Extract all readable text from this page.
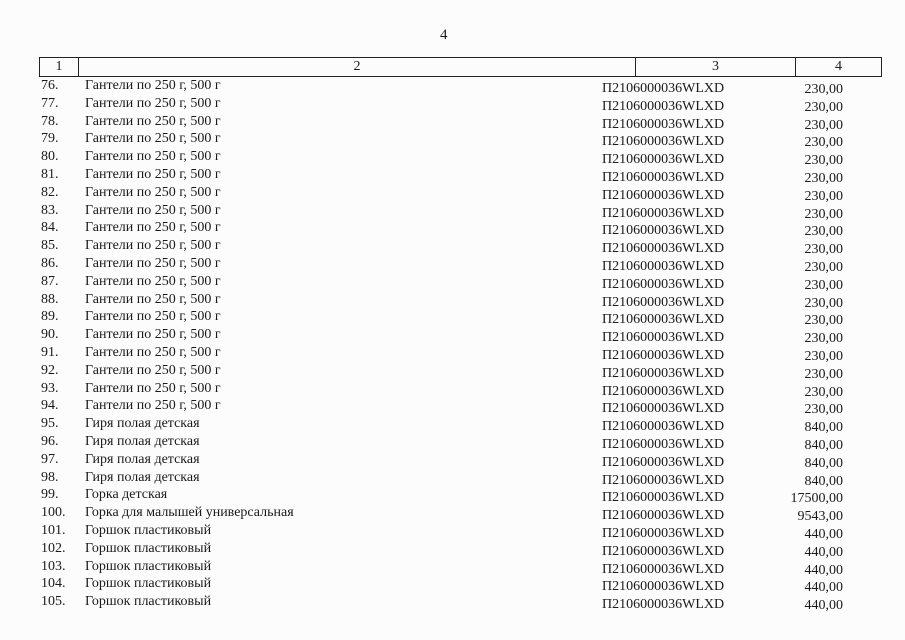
4
1	2	3	4
76.	Гантели по 250 г, 500 г	П2106000036WLXD	230,00
77.	Гантели по 250 г, 500 г	П2106000036WLXD	230,00
78.	Гантели по 250 г, 500 г	П2106000036WLXD	230,00
79.	Гантели по 250 г, 500 г	П2106000036WLXD	230,00
80.	Гантели по 250 г, 500 г	П2106000036WLXD	230,00
81.	Гантели по 250 г, 500 г	П2106000036WLXD	230,00
82.	Гантели по 250 г, 500 г	П2106000036WLXD	230,00
83.	Гантели по 250 г, 500 г	П2106000036WLXD	230,00
84.	Гантели по 250 г, 500 г	П2106000036WLXD	230,00
85.	Гантели по 250 г, 500 г	П2106000036WLXD	230,00
86.	Гантели по 250 г, 500 г	П2106000036WLXD	230,00
87.	Гантели по 250 г, 500 г	П2106000036WLXD	230,00
88.	Гантели по 250 г, 500 г	П2106000036WLXD	230,00
89.	Гантели по 250 г, 500 г	П2106000036WLXD	230,00
90.	Гантели по 250 г, 500 г	П2106000036WLXD	230,00
91.	Гантели по 250 г, 500 г	П2106000036WLXD	230,00
92.	Гантели по 250 г, 500 г	П2106000036WLXD	230,00
93.	Гантели по 250 г, 500 г	П2106000036WLXD	230,00
94.	Гантели по 250 г, 500 г	П2106000036WLXD	230,00
95.	Гиря полая детская	П2106000036WLXD	840,00
96.	Гиря полая детская	П2106000036WLXD	840,00
97.	Гиря полая детская	П2106000036WLXD	840,00
98.	Гиря полая детская	П2106000036WLXD	840,00
99.	Горка детская	П2106000036WLXD	17500,00
100.	Горка для малышей универсальная	П2106000036WLXD	9543,00
101.	Горшок пластиковый	П2106000036WLXD	440,00
102.	Горшок пластиковый	П2106000036WLXD	440,00
103.	Горшок пластиковый	П2106000036WLXD	440,00
104.	Горшок пластиковый	П2106000036WLXD	440,00
105.	Горшок пластиковый	П2106000036WLXD	440,00
